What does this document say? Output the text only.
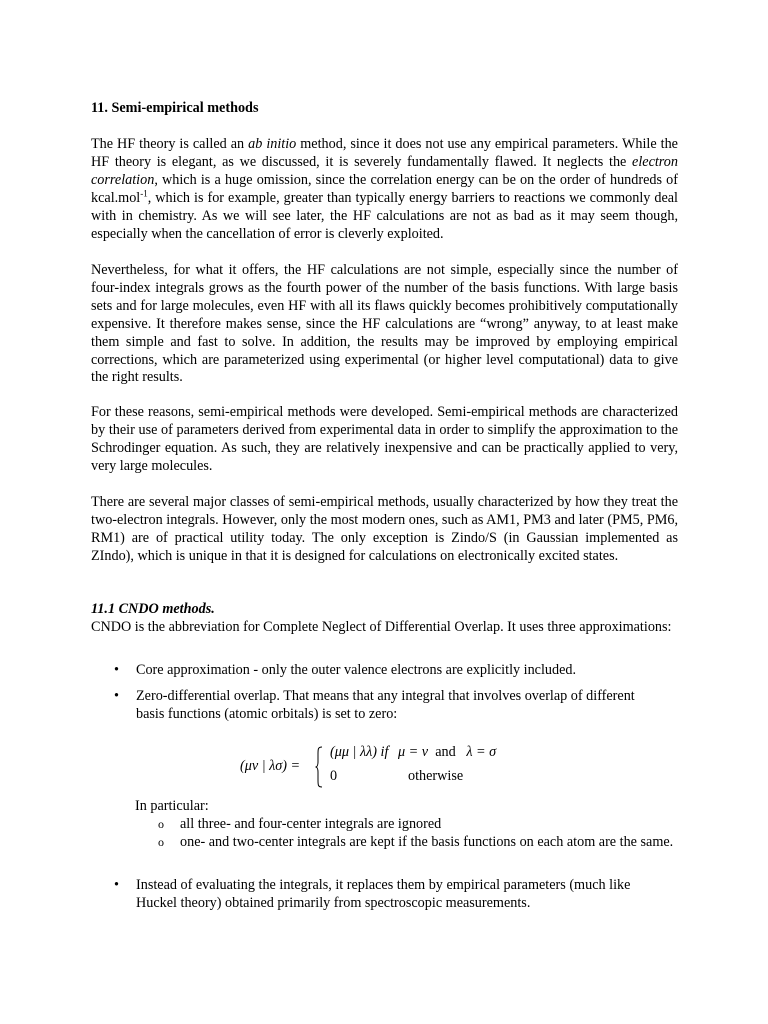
11. Semi-empirical methods

The HF theory is called an ab initio method, since it does not use any empirical parameters. While the HF theory is elegant, as we discussed, it is severely fundamentally flawed. It neglects the electron correlation, which is a huge omission, since the correlation energy can be on the order of hundreds of kcal.mol$^{-1}$, which is for example, greater than typically energy barriers to reactions we commonly deal with in chemistry. As we will see later, the HF calculations are not as bad as it may seem though, especially when the cancellation of error is cleverly exploited.

Nevertheless, for what it offers, the HF calculations are not simple, especially since the number of four-index integrals grows as the fourth power of the number of the basis functions. With large basis sets and for large molecules, even HF with all its flaws quickly becomes prohibitively computationally expensive. It therefore makes sense, since the HF calculations are “wrong” anyway, to at least make them simple and fast to solve. In addition, the results may be improved by employing empirical corrections, which are parameterized using experimental (or higher level computational) data to give the right results.

For these reasons, semi-empirical methods were developed. Semi-empirical methods are characterized by their use of parameters derived from experimental data in order to simplify the approximation to the Schrodinger equation. As such, they are relatively inexpensive and can be practically applied to very, very large molecules.

There are several major classes of semi-empirical methods, usually characterized by how they treat the two-electron integrals. However, only the most modern ones, such as AM1, PM3 and later (PM5, PM6, RM1) are of practical utility today. The only exception is Zindo/S (in Gaussian implemented as ZIndo), which is unique in that it is designed for calculations on electronically excited states.

11.1 CNDO methods.

CNDO is the abbreviation for Complete Neglect of Differential Overlap. It uses three approximations:

• Core approximation - only the outer valence electrons are explicitly included.
• Zero-differential overlap. That means that any integral that involves overlap of different basis functions (atomic orbitals) is set to zero:
(μν | λσ) =
(μμ | λλ) if μ = ν and λ = σ
0	otherwise

In particular:

o all three- and four-center integrals are ignored
o one- and two-center integrals are kept if the basis functions on each atom are the same.
• Instead of evaluating the integrals, it replaces them by empirical parameters (much like Huckel theory) obtained primarily from spectroscopic measurements.
